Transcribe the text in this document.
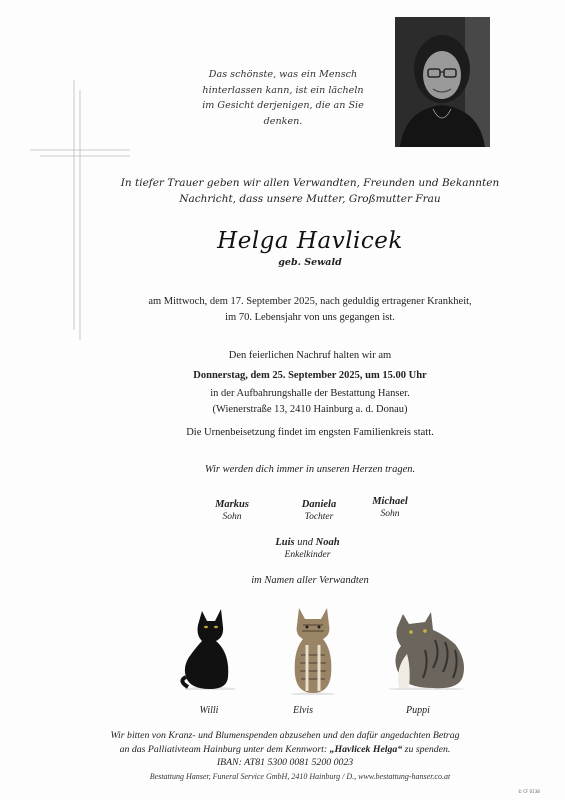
Das schönste, was ein Mensch
hinterlassen kann, ist ein lächeln
im Gesicht derjenigen, die an Sie denken.
In tiefer Trauer geben wir allen Verwandten, Freunden und Bekannten
Nachricht, dass unsere Mutter, Großmutter Frau
Helga Havlicek
geb. Sewald
am Mittwoch, dem 17. September 2025, nach geduldig ertragener Krankheit,
im 70. Lebensjahr von uns gegangen ist.
Den feierlichen Nachruf halten wir am
Donnerstag, dem 25. September 2025, um 15.00 Uhr
in der Aufbahrungshalle der Bestattung Hanser.
(Wienerstraße 13, 2410 Hainburg a. d. Donau)
Die Urnenbeisetzung findet im engsten Familienkreis statt.
Wir werden dich immer in unseren Herzen tragen.
Markus
Sohn
Daniela
Tochter
Michael
Sohn
Luis und Noah
Enkelkinder
im Namen aller Verwandten
Willi	Elvis	Puppi
Wir bitten von Kranz- und Blumenspenden abzusehen und den dafür angedachten Betrag
an das Palliativteam Hainburg unter dem Kennwort: „Havlicek Helga“ zu spenden.
IBAN: AT81 5300 0081 5200 0023
Bestattung Hanser, Funeral Service GmbH, 2410 Hainburg / D., www.bestattung-hanser.co.at
© CF 0138
